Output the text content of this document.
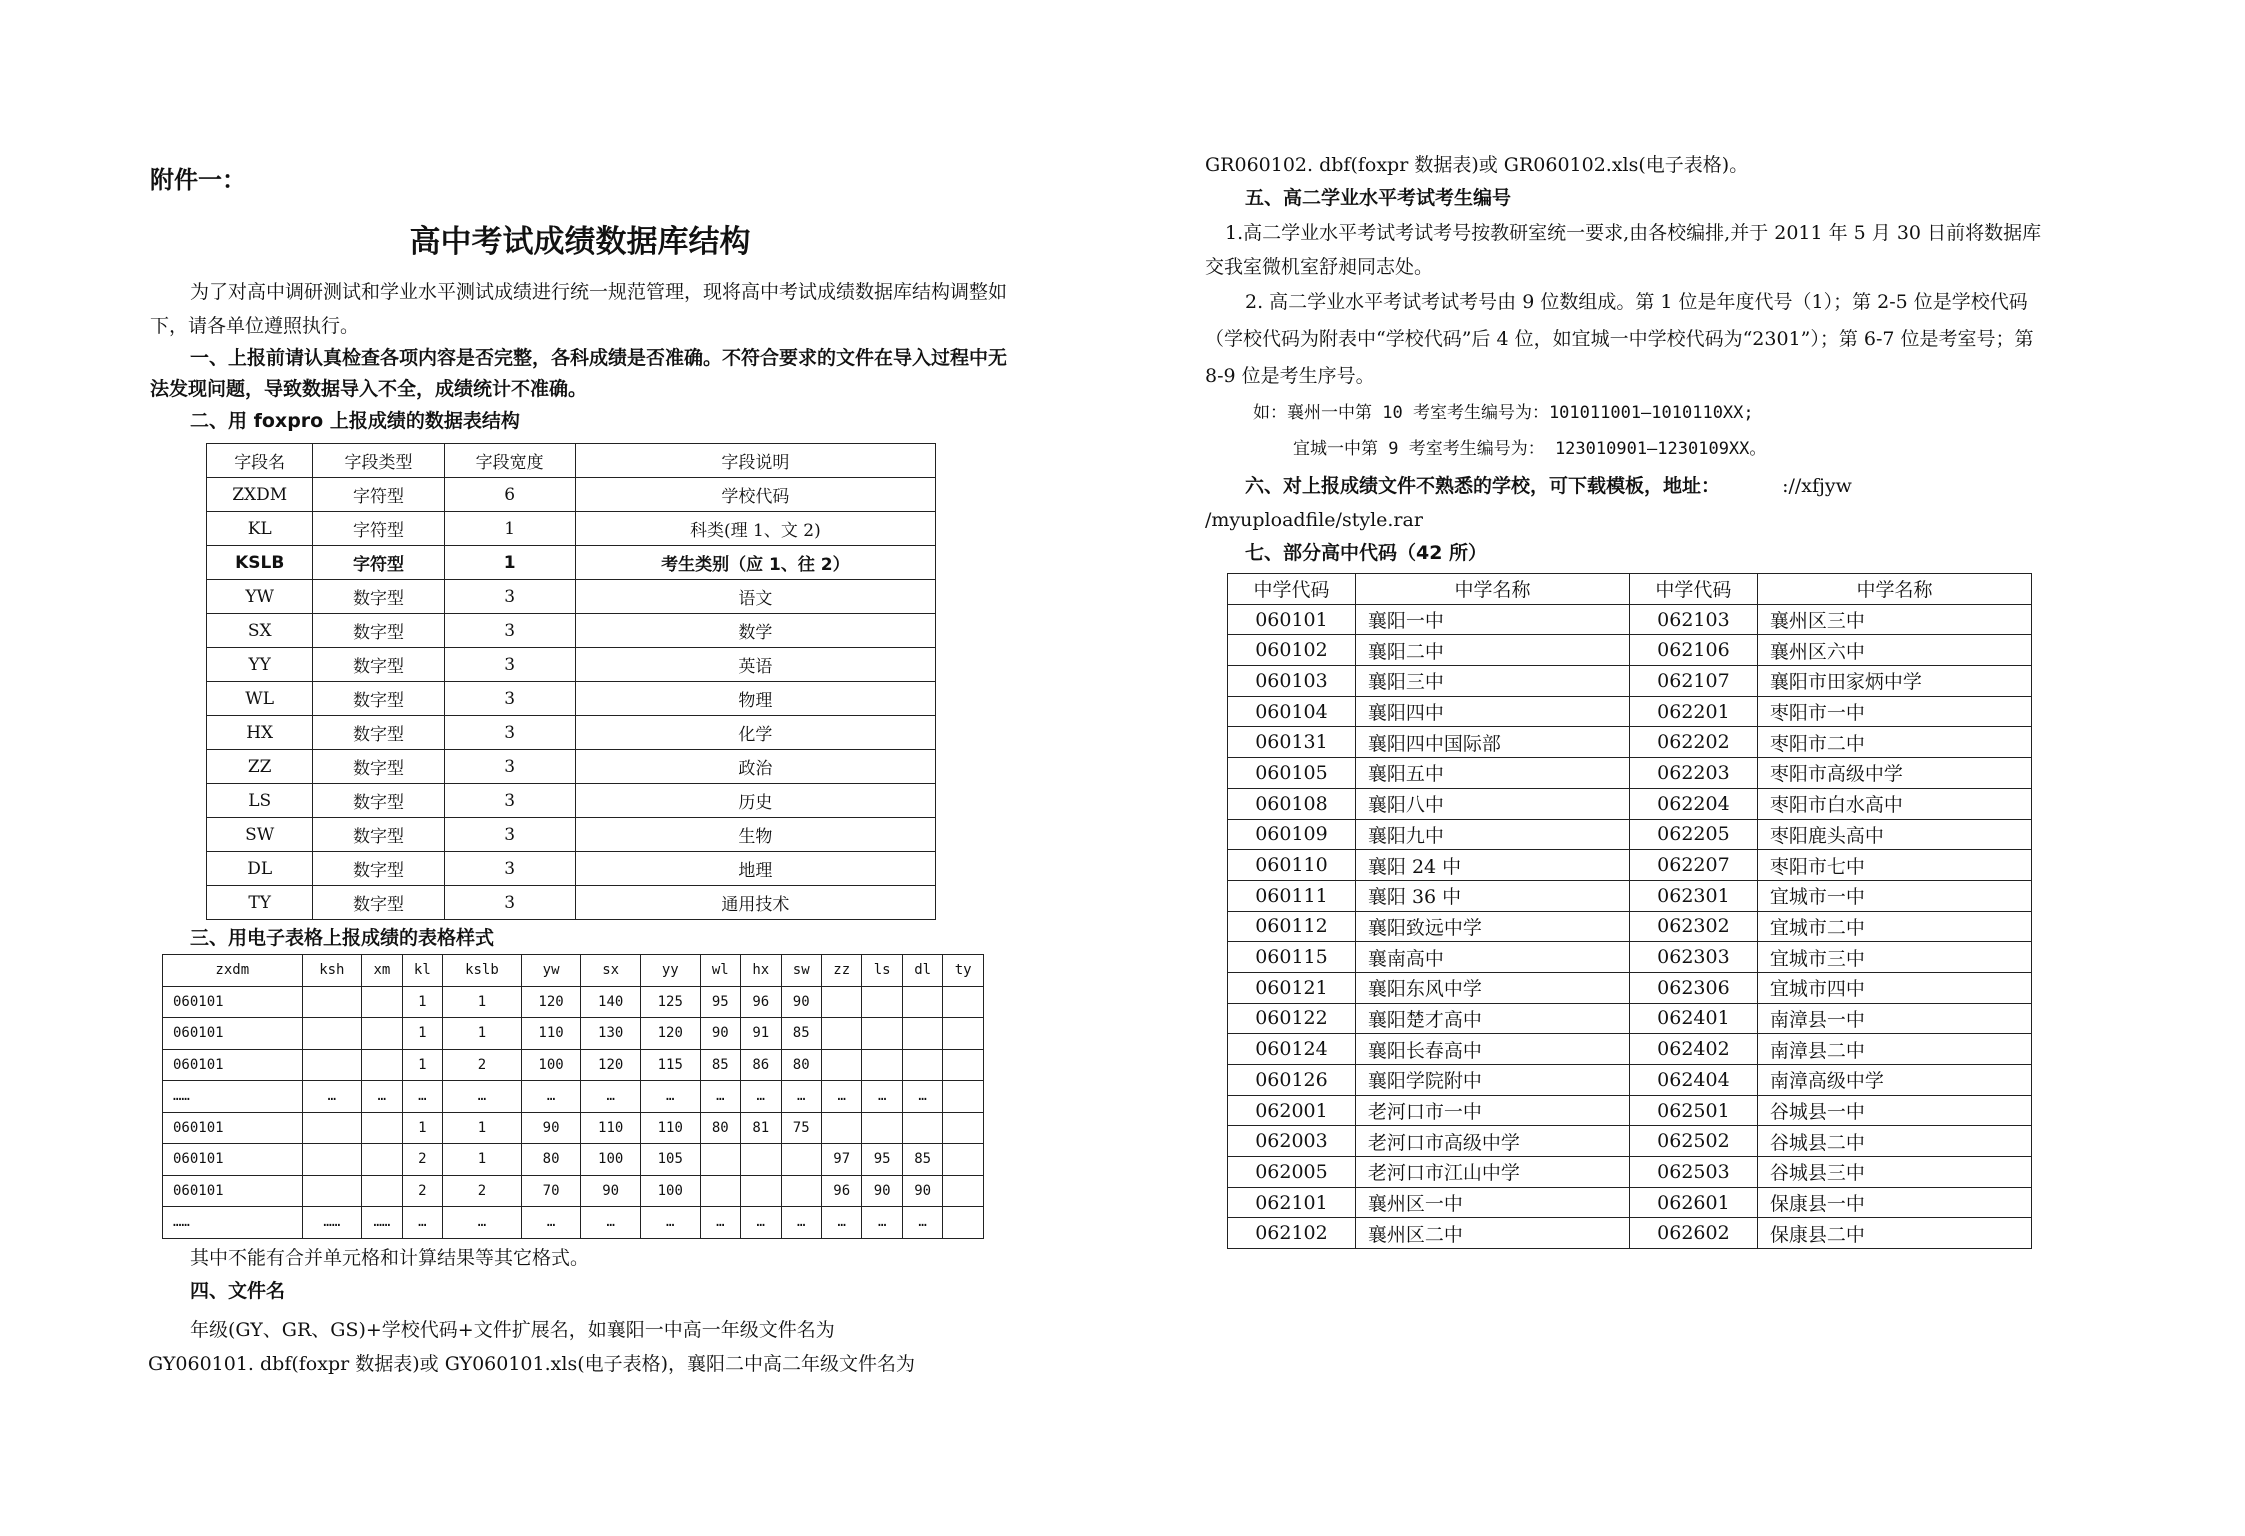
附件一：

高中考试成绩数据库结构

为了对高中调研测试和学业水平测试成绩进行统一规范管理，现将高中考试成绩数据库结构调整如下，请各单位遵照执行。

一、上报前请认真检查各项内容是否完整，各科成绩是否准确。不符合要求的文件在导入过程中无法发现问题，导致数据导入不全，成绩统计不准确。

二、用 foxpro 上报成绩的数据表结构

字段名	字段类型	字段宽度	字段说明
ZXDM	字符型	6	学校代码
KL	字符型	1	科类(理 1、文 2)
KSLB	字符型	1	考生类别（应 1、往 2）
YW	数字型	3	语文
SX	数字型	3	数学
YY	数字型	3	英语
WL	数字型	3	物理
HX	数字型	3	化学
ZZ	数字型	3	政治
LS	数字型	3	历史
SW	数字型	3	生物
DL	数字型	3	地理
TY	数字型	3	通用技术

三、用电子表格上报成绩的表格样式

zxdm	ksh	xm	kl	kslb	yw	sx	yy	wl	hx	sw	zz	ls	dl	ty
060101			1	1	120	140	125	95	96	90				
060101			1	1	110	130	120	90	91	85				
060101			1	2	100	120	115	85	86	80				
……	…	…	…	…	…	…	…	…	…	…	…	…	…	
060101			1	1	90	110	110	80	81	75				
060101			2	1	80	100	105				97	95	85	
060101			2	2	70	90	100				96	90	90	
……	……	……	…	…	…	…	…	…	…	…	…	…	…	

其中不能有合并单元格和计算结果等其它格式。

四、文件名

年级(GY、GR、GS)+学校代码+文件扩展名，如襄阳一中高一年级文件名为

GY060101. dbf(foxpr 数据表)或 GY060101.xls(电子表格)，襄阳二中高二年级文件名为

GR060102. dbf(foxpr 数据表)或 GR060102.xls(电子表格)。

五、高二学业水平考试考生编号

1.高二学业水平考试考试考号按教研室统一要求,由各校编排,并于 2011 年 5 月 30 日前将数据库交我室微机室舒昶同志处。

2. 高二学业水平考试考试考号由 9 位数组成。第 1 位是年度代号（1）；第 2-5 位是学校代码（学校代码为附表中“学校代码”后 4 位，如宜城一中学校代码为“2301”）；第 6-7 位是考室号；第 8-9 位是考生序号。

如：襄州一中第 10 考室考生编号为：101011001—1010110XX;

宜城一中第 9 考室考生编号为： 123010901—1230109XX。

六、对上报成绩文件不熟悉的学校，可下载模板，地址：	://xfjyw

/myuploadfile/style.rar

七、部分高中代码（42 所）

中学代码	中学名称	中学代码	中学名称
060101	襄阳一中	062103	襄州区三中
060102	襄阳二中	062106	襄州区六中
060103	襄阳三中	062107	襄阳市田家炳中学
060104	襄阳四中	062201	枣阳市一中
060131	襄阳四中国际部	062202	枣阳市二中
060105	襄阳五中	062203	枣阳市高级中学
060108	襄阳八中	062204	枣阳市白水高中
060109	襄阳九中	062205	枣阳鹿头高中
060110	襄阳 24 中	062207	枣阳市七中
060111	襄阳 36 中	062301	宜城市一中
060112	襄阳致远中学	062302	宜城市二中
060115	襄南高中	062303	宜城市三中
060121	襄阳东风中学	062306	宜城市四中
060122	襄阳楚才高中	062401	南漳县一中
060124	襄阳长春高中	062402	南漳县二中
060126	襄阳学院附中	062404	南漳高级中学
062001	老河口市一中	062501	谷城县一中
062003	老河口市高级中学	062502	谷城县二中
062005	老河口市江山中学	062503	谷城县三中
062101	襄州区一中	062601	保康县一中
062102	襄州区二中	062602	保康县二中
